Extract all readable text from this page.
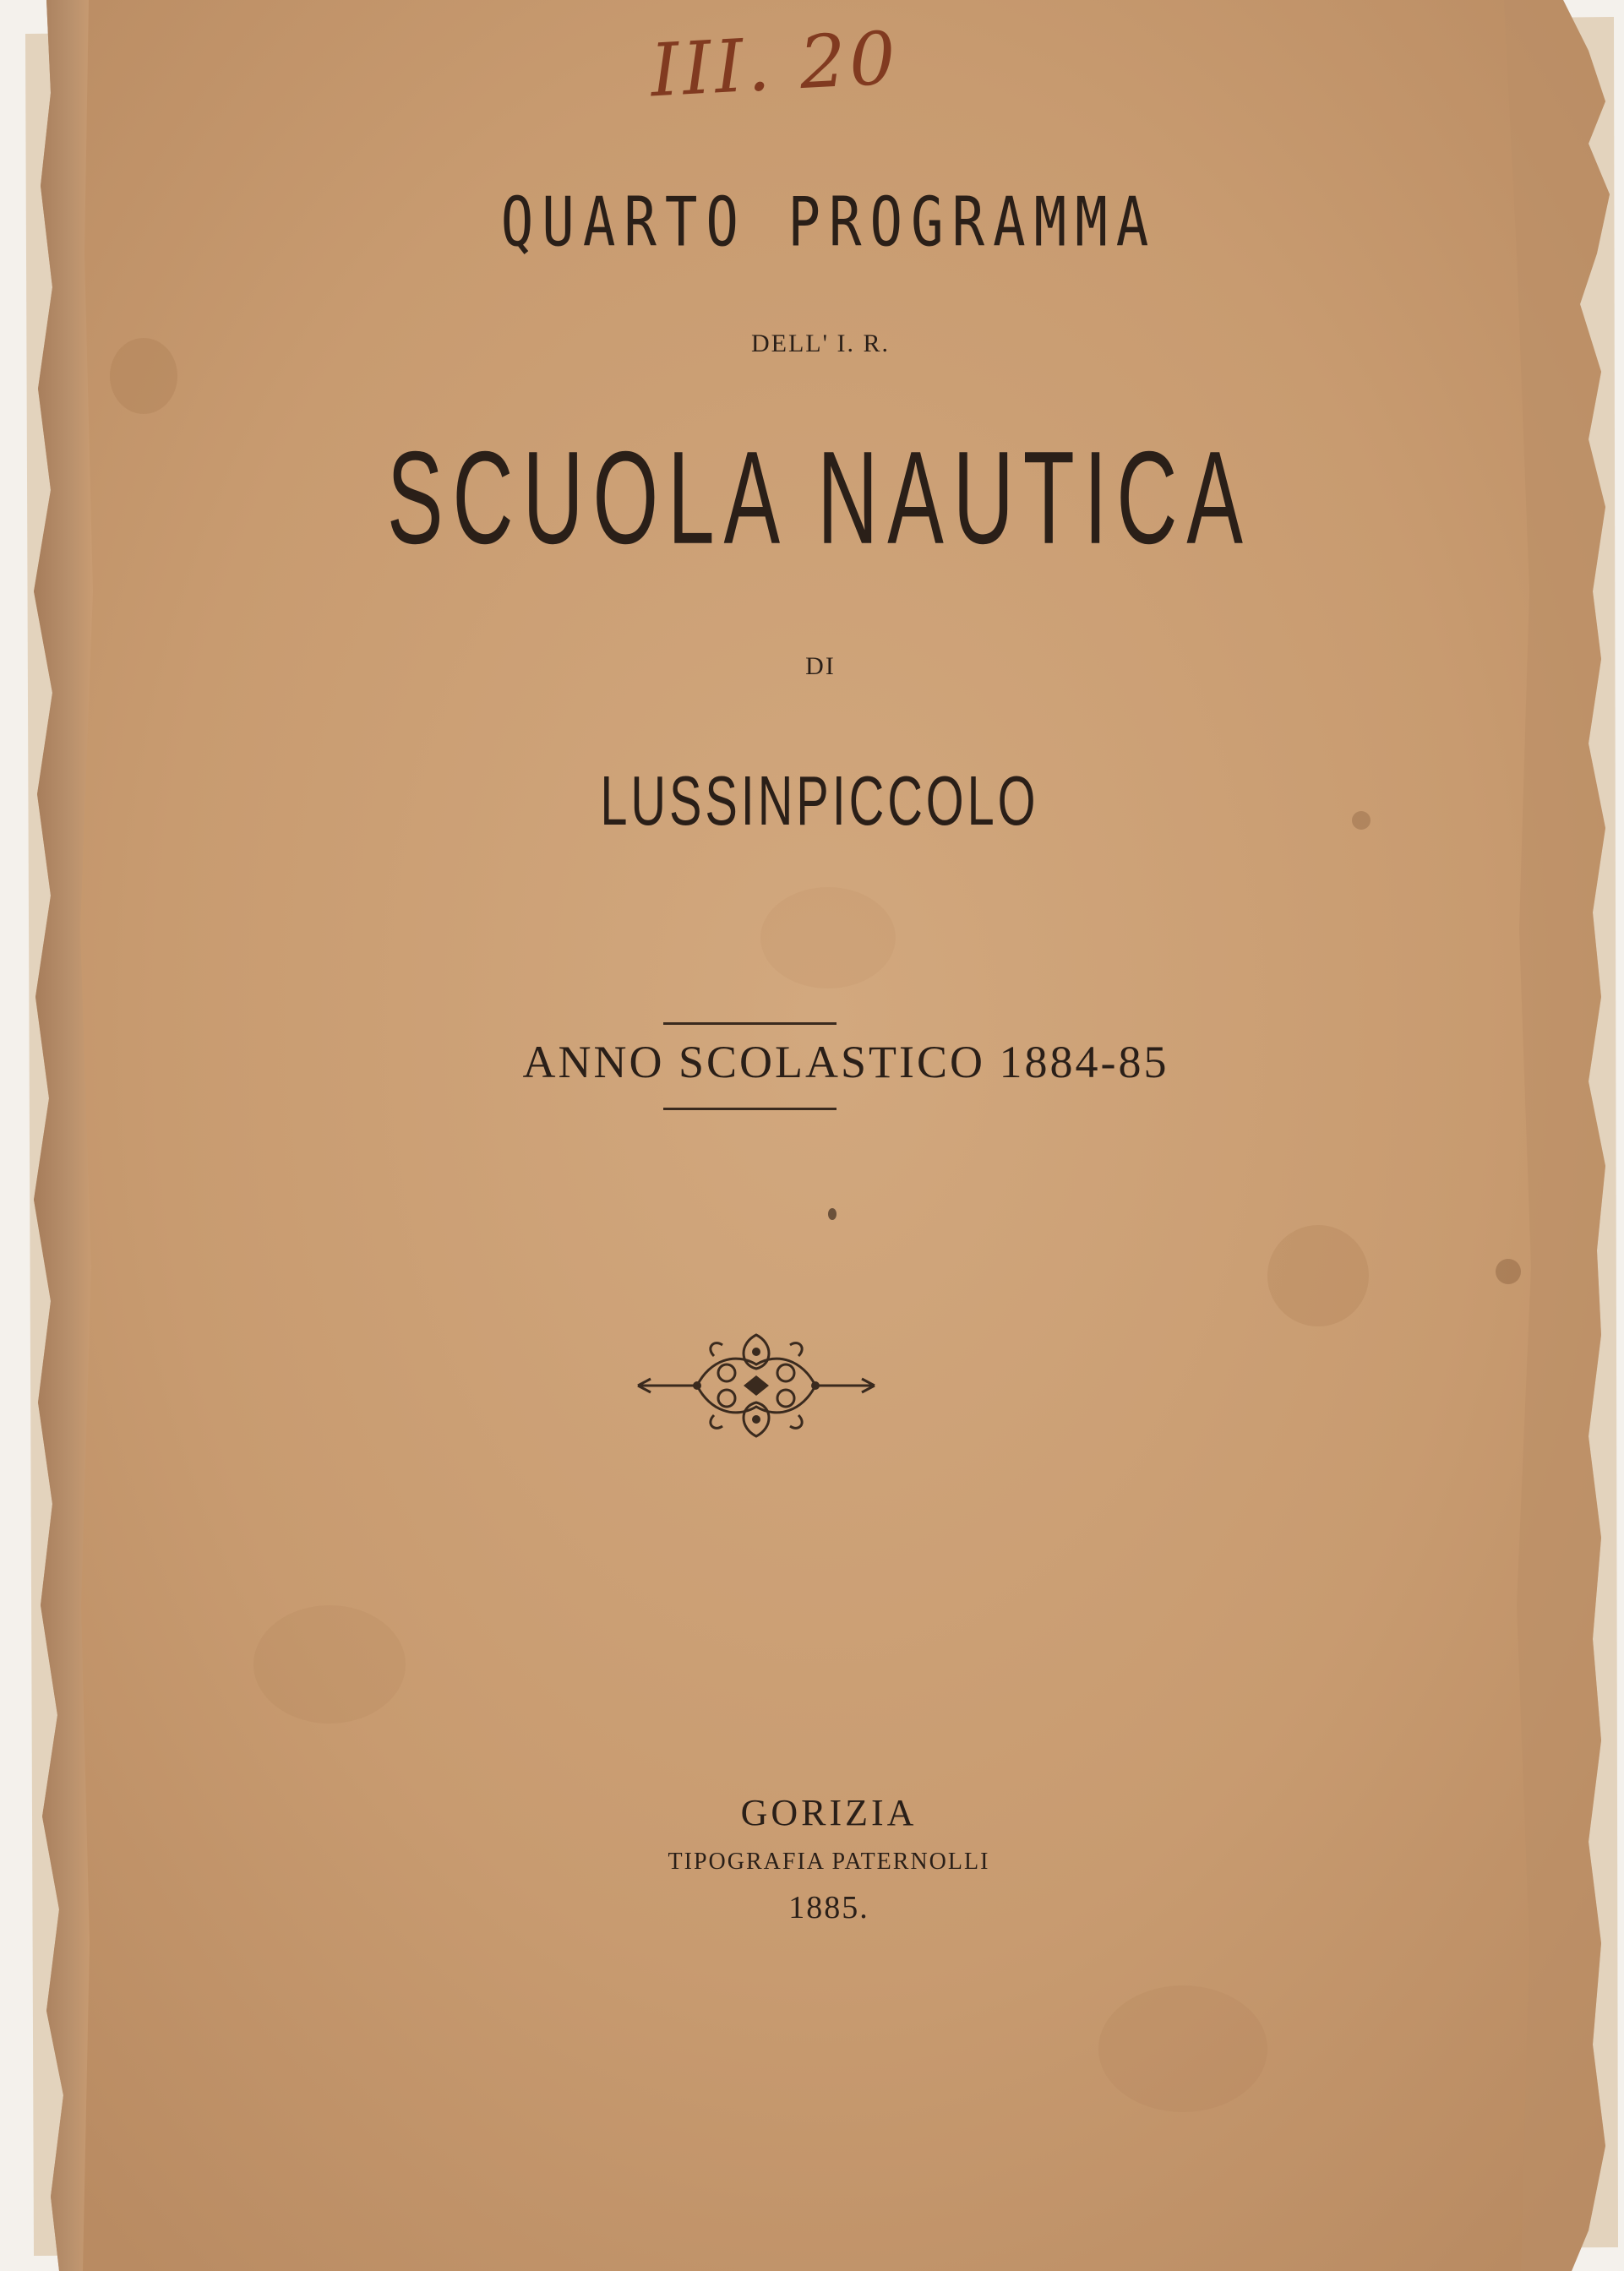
III. 20
QUARTO PROGRAMMA
DELL' I. R.
SCUOLA NAUTICA
DI
LUSSINPICCOLO
ANNO SCOLASTICO 1884-85
GORIZIA
TIPOGRAFIA PATERNOLLI
1885.
